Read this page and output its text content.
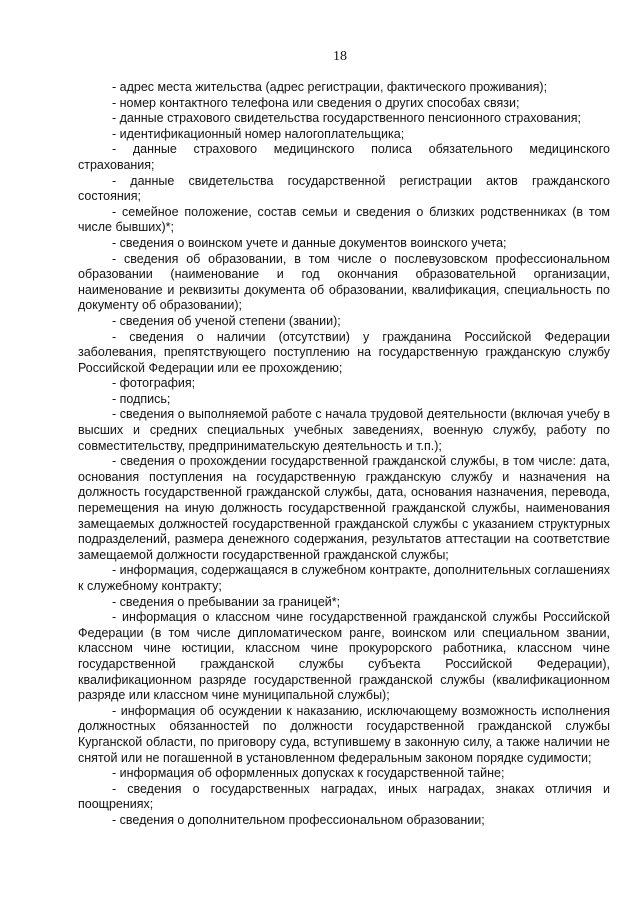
18

- адрес места жительства (адрес регистрации, фактического проживания);

- номер контактного телефона или сведения о других способах связи;

- данные страхового свидетельства государственного пенсионного страхования;

- идентификационный номер налогоплательщика;

- данные страхового медицинского полиса обязательного медицинского страхования;

- данные свидетельства государственной регистрации актов гражданского состояния;

- семейное положение, состав семьи и сведения о близких родственниках (в том числе бывших)*;

- сведения о воинском учете и данные документов воинского учета;

- сведения об образовании, в том числе о послевузовском профессиональном образовании (наименование и год окончания образовательной организации, наименование и реквизиты документа об образовании, квалификация, специальность по документу об образовании);

- сведения об ученой степени (звании);

- сведения о наличии (отсутствии) у гражданина Российской Федерации заболевания, препятствующего поступлению на государственную гражданскую службу Российской Федерации или ее прохождению;

- фотография;

- подпись;

- сведения о выполняемой работе с начала трудовой деятельности (включая учебу в высших и средних специальных учебных заведениях, военную службу, работу по совместительству, предпринимательскую деятельность и т.п.);

- сведения о прохождении государственной гражданской службы, в том числе: дата, основания поступления на государственную гражданскую службу и назначения на должность государственной гражданской службы, дата, основания назначения, перевода, перемещения на иную должность государственной гражданской службы, наименования замещаемых должностей государственной гражданской службы с указанием структурных подразделений, размера денежного содержания, результатов аттестации на соответствие замещаемой должности государственной гражданской службы;

- информация, содержащаяся в служебном контракте, дополнительных соглашениях к служебному контракту;

- сведения о пребывании за границей*;

- информация о классном чине государственной гражданской службы Российской Федерации (в том числе дипломатическом ранге, воинском или специальном звании, классном чине юстиции, классном чине прокурорского работника, классном чине государственной гражданской службы субъекта Российской Федерации), квалификационном разряде государственной гражданской службы (квалификационном разряде или классном чине муниципальной службы);

- информация об осуждении к наказанию, исключающему возможность исполнения должностных обязанностей по должности государственной гражданской службы Курганской области, по приговору суда, вступившему в законную силу, а также наличии не снятой или не погашенной в установленном федеральным законом порядке судимости;

- информация об оформленных допусках к государственной тайне;

- сведения о государственных наградах, иных наградах, знаках отличия и поощрениях;

- сведения о дополнительном профессиональном образовании;
